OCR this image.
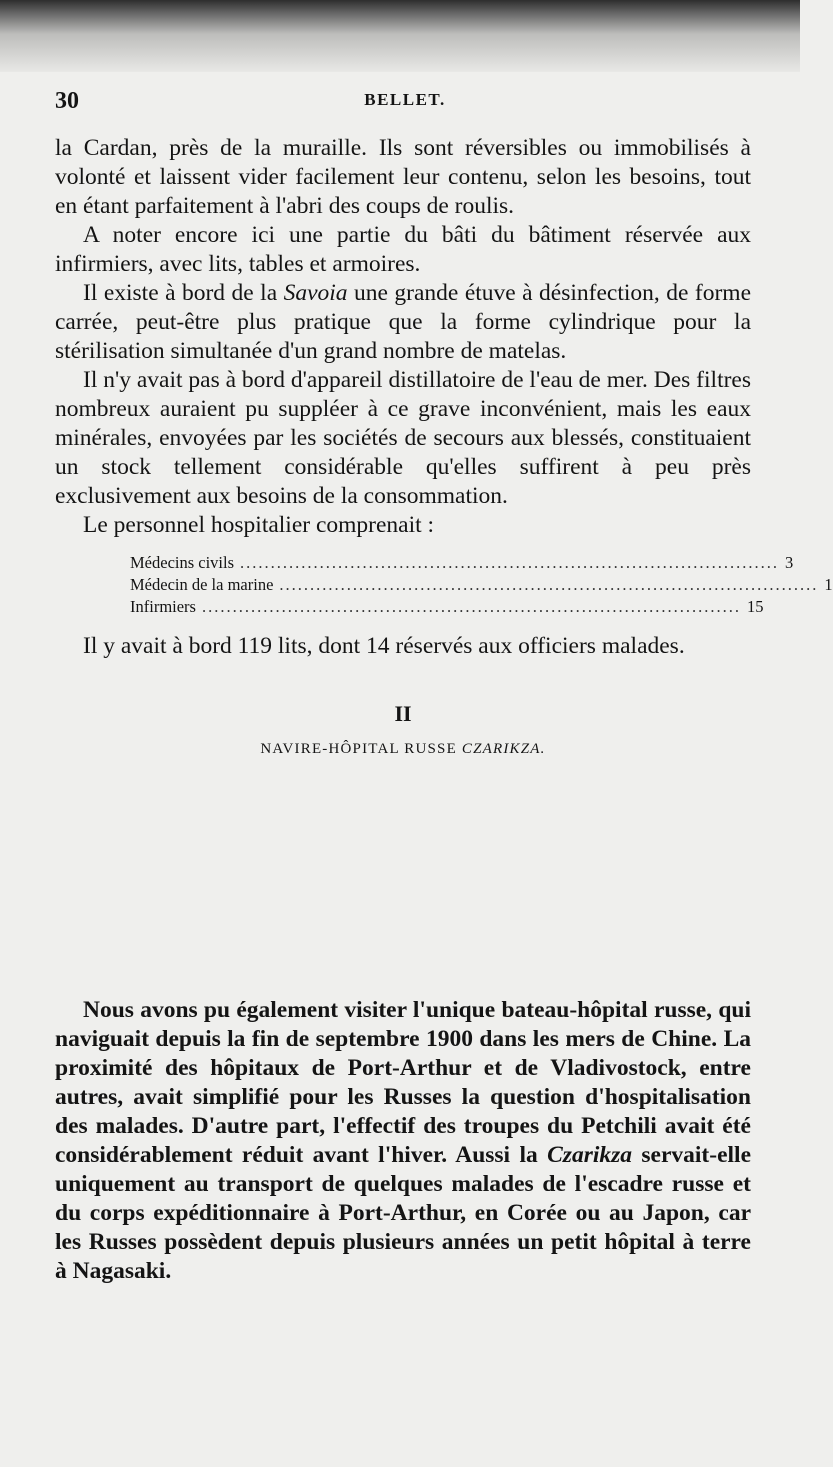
30	BELLET.

la Cardan, près de la muraille. Ils sont réversibles ou immobilisés à volonté et laissent vider facilement leur contenu, selon les besoins, tout en étant parfaitement à l'abri des coups de roulis.

A noter encore ici une partie du bâti du bâtiment réservée aux infirmiers, avec lits, tables et armoires.

Il existe à bord de la Savoia une grande étuve à désinfection, de forme carrée, peut-être plus pratique que la forme cylindrique pour la stérilisation simultanée d'un grand nombre de matelas.

Il n'y avait pas à bord d'appareil distillatoire de l'eau de mer. Des filtres nombreux auraient pu suppléer à ce grave inconvénient, mais les eaux minérales, envoyées par les sociétés de secours aux blessés, constituaient un stock tellement considérable qu'elles suffirent à peu près exclusivement aux besoins de la consommation.

Le personnel hospitalier comprenait :

Médecins civils ........................................................................................ 3
Médecin de la marine ........................................................................................ 1
Infirmiers ........................................................................................ 15

Il y avait à bord 119 lits, dont 14 réservés aux officiers malades.

II
NAVIRE-HÔPITAL RUSSE CZARIKZA.

Nous avons pu également visiter l'unique bateau-hôpital russe, qui naviguait depuis la fin de septembre 1900 dans les mers de Chine. La proximité des hôpitaux de Port-Arthur et de Vladivostock, entre autres, avait simplifié pour les Russes la question d'hospitalisation des malades. D'autre part, l'effectif des troupes du Petchili avait été considérablement réduit avant l'hiver. Aussi la Czarikza servait-elle uniquement au transport de quelques malades de l'escadre russe et du corps expéditionnaire à Port-Arthur, en Corée ou au Japon, car les Russes possèdent depuis plusieurs années un petit hôpital à terre à Nagasaki.
